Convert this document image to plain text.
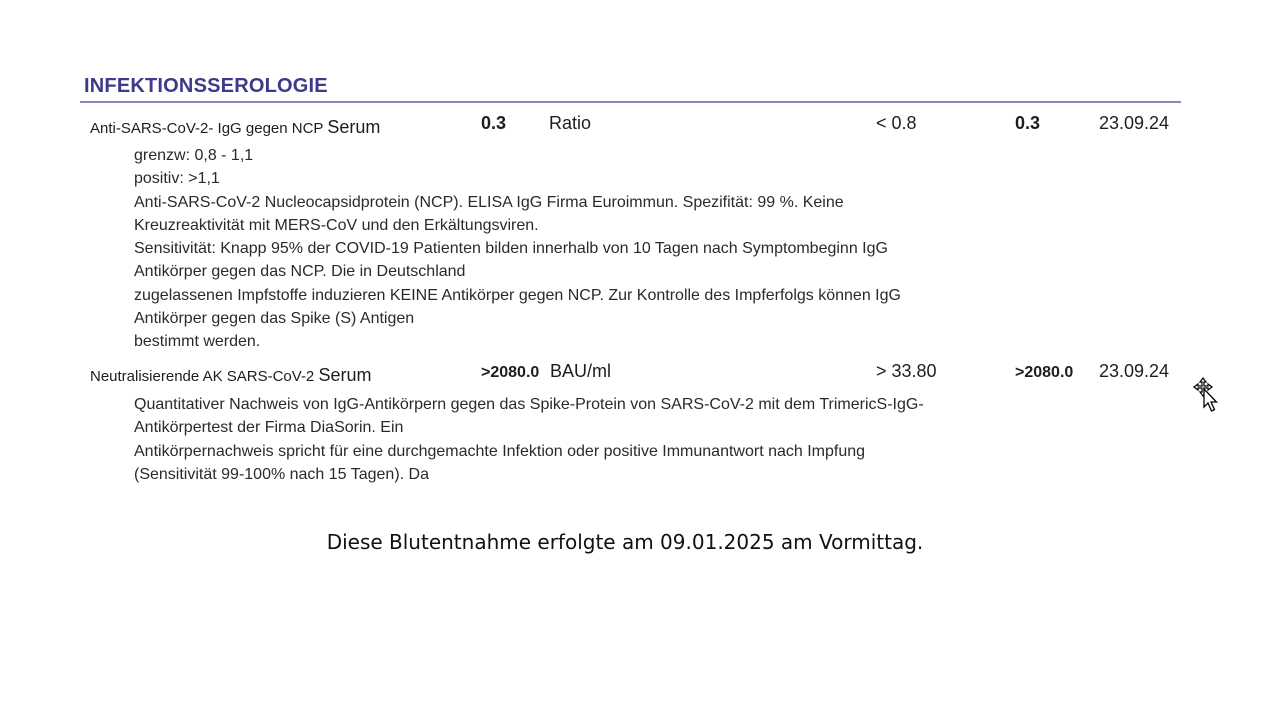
INFEKTIONSSEROLOGIE
Anti-SARS-CoV-2- IgG gegen NCP Serum	0.3 Ratio	< 0.8	0.3	23.09.24
grenzw: 0,8 - 1,1
positiv: >1,1
Anti-SARS-CoV-2 Nucleocapsidprotein (NCP). ELISA IgG Firma Euroimmun. Spezifität: 99 %. Keine
Kreuzreaktivität mit MERS-CoV und den Erkältungsviren.
Sensitivität: Knapp 95% der COVID-19 Patienten bilden innerhalb von 10 Tagen nach Symptombeginn IgG
Antikörper gegen das NCP. Die in Deutschland
zugelassenen Impfstoffe induzieren KEINE Antikörper gegen NCP. Zur Kontrolle des Impferfolgs können IgG
Antikörper gegen das Spike (S) Antigen
bestimmt werden.
Neutralisierende AK SARS-CoV-2 Serum	>2080.0 BAU/ml	> 33.80	>2080.0 23.09.24
Quantitativer Nachweis von IgG-Antikörpern gegen das Spike-Protein von SARS-CoV-2 mit dem TrimericS-IgG-
Antikörpertest der Firma DiaSorin. Ein
Antikörpernachweis spricht für eine durchgemachte Infektion oder positive Immunantwort nach Impfung
(Sensitivität 99-100% nach 15 Tagen). Da
Diese Blutentnahme erfolgte am 09.01.2025 am Vormittag.
